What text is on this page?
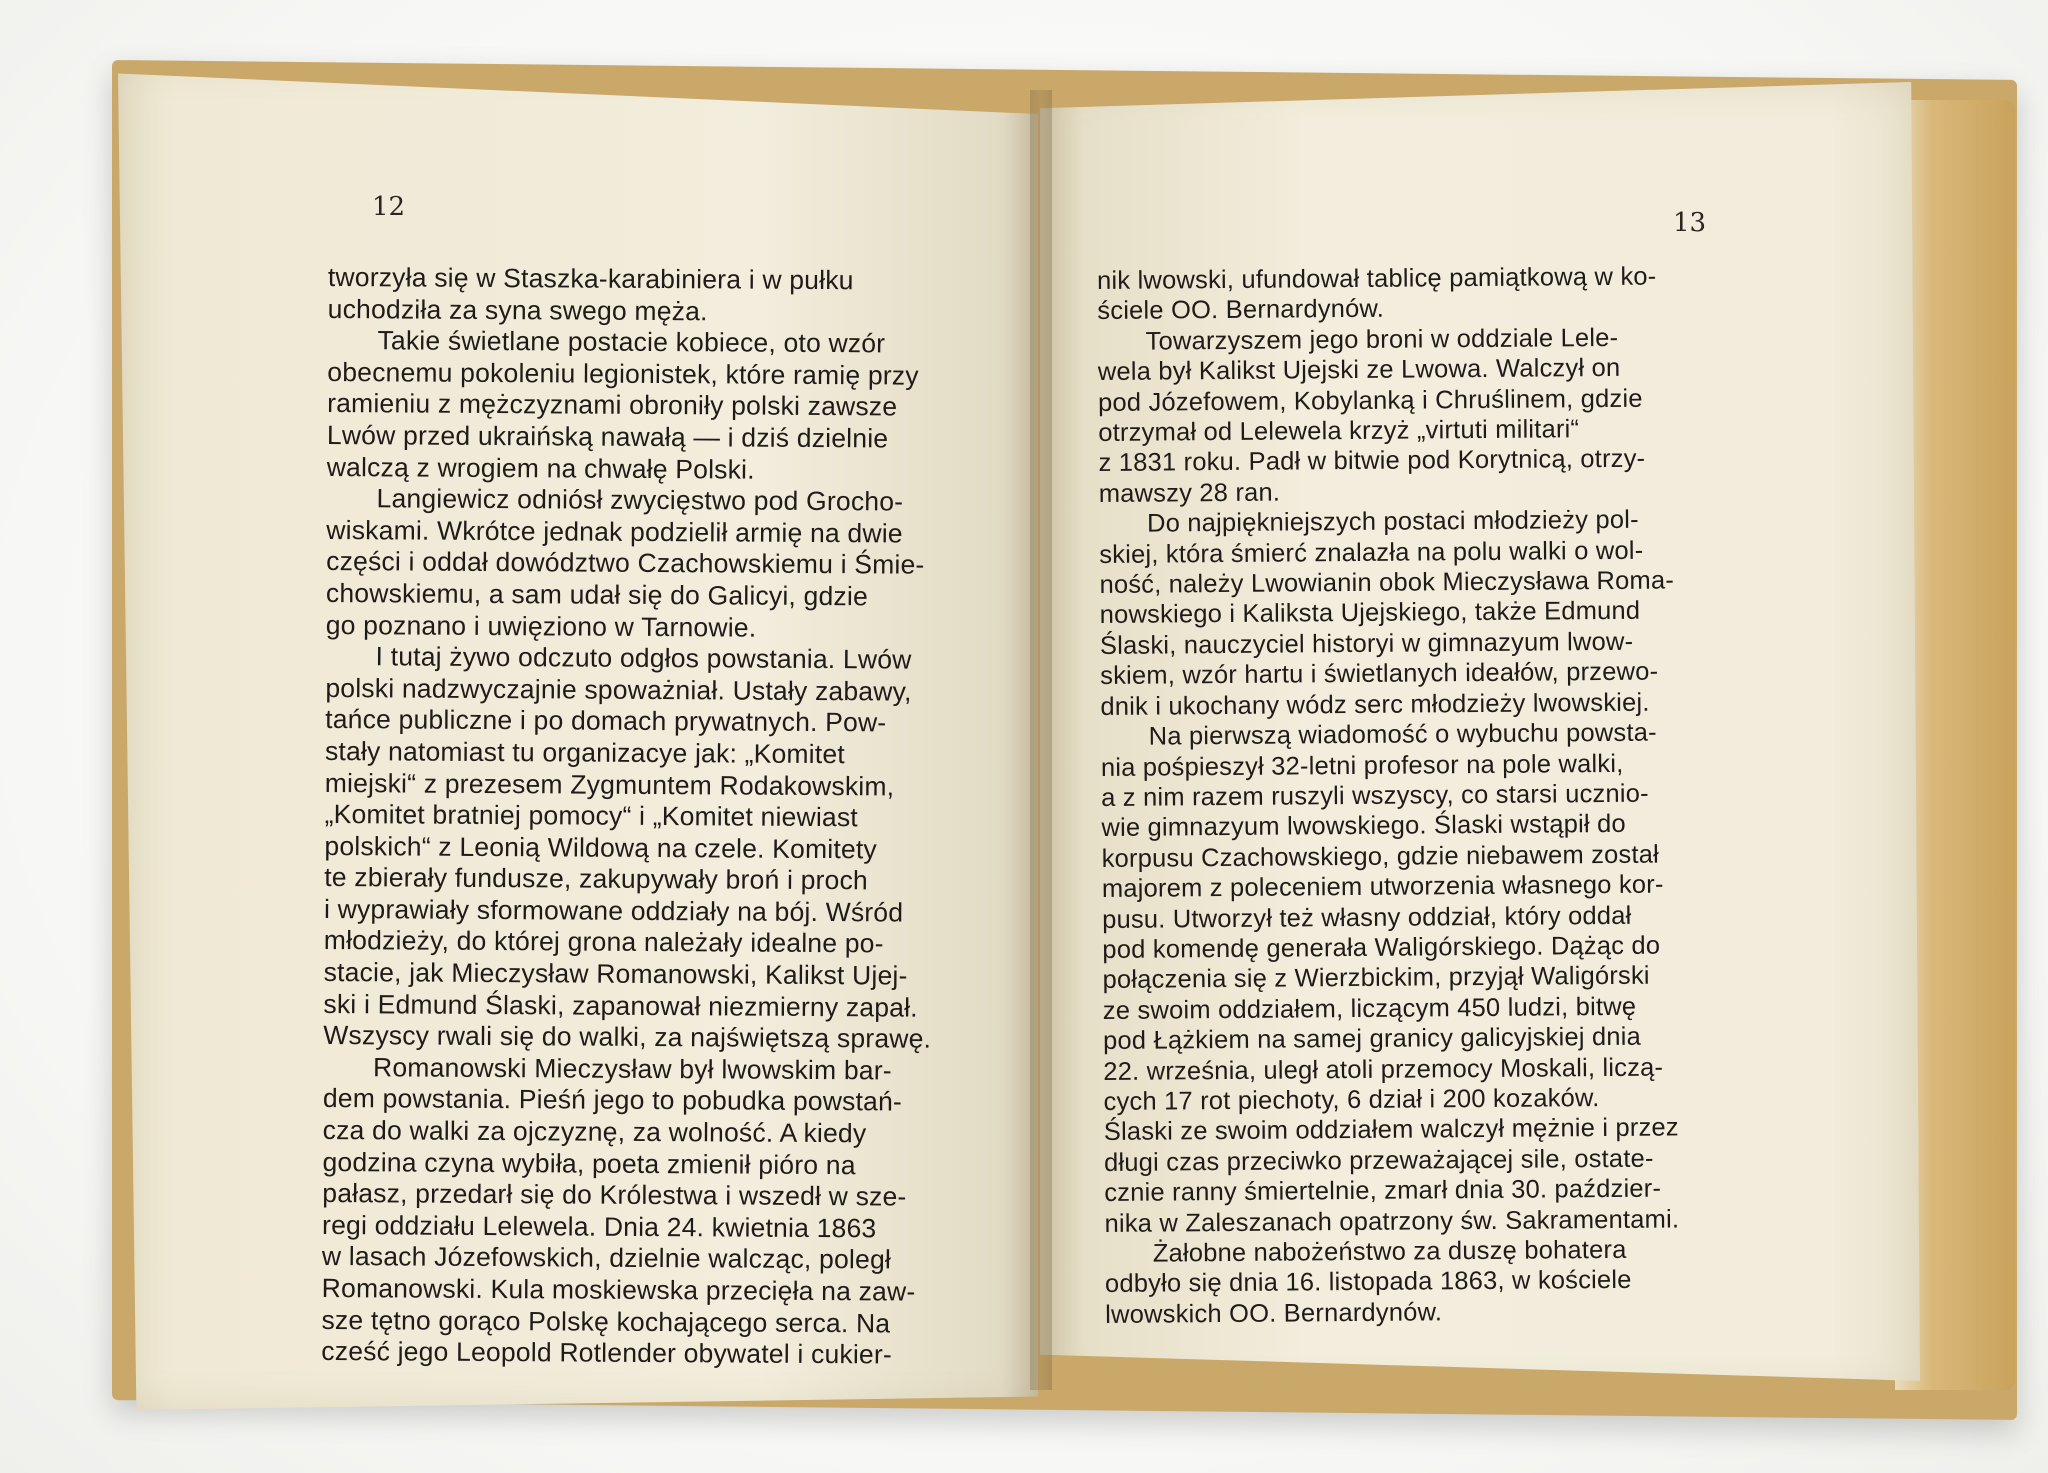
12
13
tworzyła się w Staszka-karabiniera i w pułku
uchodziła za syna swego męża.
Takie świetlane postacie kobiece, oto wzór
obecnemu pokoleniu legionistek, które ramię przy
ramieniu z mężczyznami obroniły polski zawsze
Lwów przed ukraińską nawałą — i dziś dzielnie
walczą z wrogiem na chwałę Polski.
Langiewicz odniósł zwycięstwo pod Grocho-
wiskami. Wkrótce jednak podzielił armię na dwie
części i oddał dowództwo Czachowskiemu i Śmie-
chowskiemu, a sam udał się do Galicyi, gdzie
go poznano i uwięziono w Tarnowie.
I tutaj żywo odczuto odgłos powstania. Lwów
polski nadzwyczajnie spoważniał. Ustały zabawy,
tańce publiczne i po domach prywatnych. Pow-
stały natomiast tu organizacye jak: „Komitet
miejski“ z prezesem Zygmuntem Rodakowskim,
„Komitet bratniej pomocy“ i „Komitet niewiast
polskich“ z Leonią Wildową na czele. Komitety
te zbierały fundusze, zakupywały broń i proch
i wyprawiały sformowane oddziały na bój. Wśród
młodzieży, do której grona należały idealne po-
stacie, jak Mieczysław Romanowski, Kalikst Ujej-
ski i Edmund Ślaski, zapanował niezmierny zapał.
Wszyscy rwali się do walki, za najświętszą sprawę.
Romanowski Mieczysław był lwowskim bar-
dem powstania. Pieśń jego to pobudka powstań-
cza do walki za ojczyznę, za wolność. A kiedy
godzina czyna wybiła, poeta zmienił pióro na
pałasz, przedarł się do Królestwa i wszedł w sze-
regi oddziału Lelewela. Dnia 24. kwietnia 1863
w lasach Józefowskich, dzielnie walcząc, poległ
Romanowski. Kula moskiewska przecięła na zaw-
sze tętno gorąco Polskę kochającego serca. Na
cześć jego Leopold Rotlender obywatel i cukier-
nik lwowski, ufundował tablicę pamiątkową w ko-
ściele OO. Bernardynów.
Towarzyszem jego broni w oddziale Lele-
wela był Kalikst Ujejski ze Lwowa. Walczył on
pod Józefowem, Kobylanką i Chruślinem, gdzie
otrzymał od Lelewela krzyż „virtuti militari“
z 1831 roku. Padł w bitwie pod Korytnicą, otrzy-
mawszy 28 ran.
Do najpiękniejszych postaci młodzieży pol-
skiej, która śmierć znalazła na polu walki o wol-
ność, należy Lwowianin obok Mieczysława Roma-
nowskiego i Kaliksta Ujejskiego, także Edmund
Ślaski, nauczyciel historyi w gimnazyum lwow-
skiem, wzór hartu i świetlanych ideałów, przewo-
dnik i ukochany wódz serc młodzieży lwowskiej.
Na pierwszą wiadomość o wybuchu powsta-
nia pośpieszył 32-letni profesor na pole walki,
a z nim razem ruszyli wszyscy, co starsi ucznio-
wie gimnazyum lwowskiego. Ślaski wstąpił do
korpusu Czachowskiego, gdzie niebawem został
majorem z poleceniem utworzenia własnego kor-
pusu. Utworzył też własny oddział, który oddał
pod komendę generała Waligórskiego. Dążąc do
połączenia się z Wierzbickim, przyjął Waligórski
ze swoim oddziałem, liczącym 450 ludzi, bitwę
pod Łążkiem na samej granicy galicyjskiej dnia
22. września, uległ atoli przemocy Moskali, liczą-
cych 17 rot piechoty, 6 dział i 200 kozaków.
Ślaski ze swoim oddziałem walczył mężnie i przez
długi czas przeciwko przeważającej sile, ostate-
cznie ranny śmiertelnie, zmarł dnia 30. paździer-
nika w Zaleszanach opatrzony św. Sakramentami.
Żałobne nabożeństwo za duszę bohatera
odbyło się dnia 16. listopada 1863, w kościele
lwowskich OO. Bernardynów.
